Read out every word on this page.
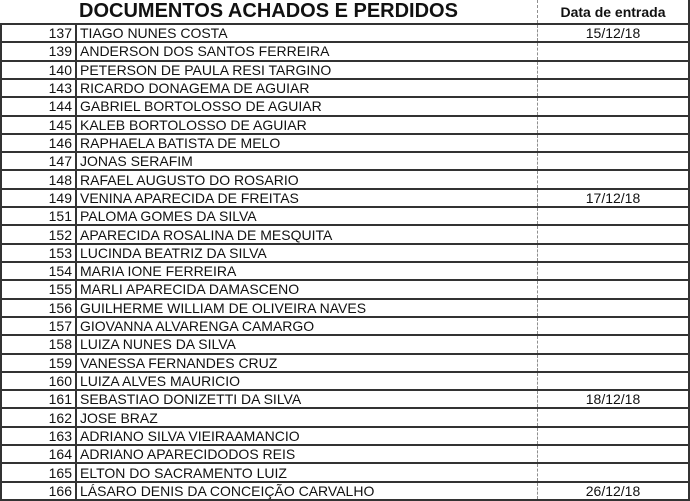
DOCUMENTOS ACHADOS E PERDIDOS	Data de entrada
137 TIAGO NUNES COSTA	15/12/18
139 ANDERSON DOS SANTOS FERREIRA
140 PETERSON DE PAULA RESI TARGINO
143 RICARDO DONAGEMA DE AGUIAR
144 GABRIEL BORTOLOSSO DE AGUIAR
145 KALEB BORTOLOSSO DE AGUIAR
146 RAPHAELA BATISTA DE MELO
147 JONAS SERAFIM
148 RAFAEL AUGUSTO DO ROSARIO
149 VENINA APARECIDA DE FREITAS	17/12/18
151 PALOMA GOMES DA SILVA
152 APARECIDA ROSALINA DE MESQUITA
153 LUCINDA BEATRIZ DA SILVA
154 MARIA IONE FERREIRA
155 MARLI APARECIDA DAMASCENO
156 GUILHERME WILLIAM DE OLIVEIRA NAVES
157 GIOVANNA ALVARENGA CAMARGO
158 LUIZA NUNES DA SILVA
159 VANESSA FERNANDES CRUZ
160 LUIZA ALVES MAURICIO
161 SEBASTIAO DONIZETTI DA SILVA	18/12/18
162 JOSE BRAZ
163 ADRIANO SILVA VIEIRAAMANCIO
164 ADRIANO APARECIDODOS REIS
165 ELTON DO SACRAMENTO LUIZ
166 LÁSARO DENIS DA CONCEIÇÃO CARVALHO	26/12/18
